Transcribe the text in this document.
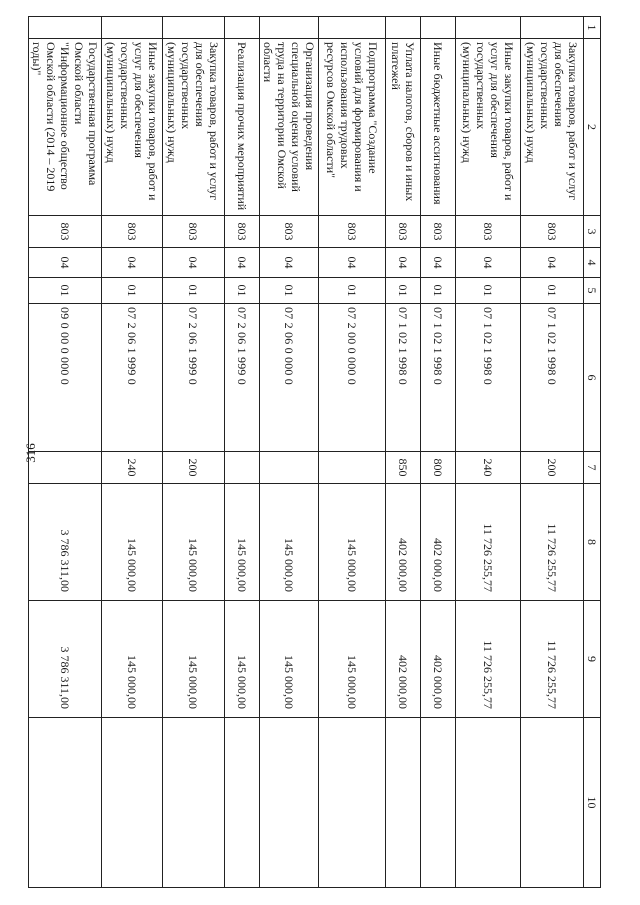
316
1	2	3	4	5	6	7	8	9	10
	Закупка товаров, работ и услуг для обеспечения государственных (муниципальных) нужд	803	04	01	07 1 02 1 998 0	200	11 726 255,77	11 726 255,77	
	Иные закупки товаров, работ и услуг для обеспечения государственных (муниципальных) нужд	803	04	01	07 1 02 1 998 0	240	11 726 255,77	11 726 255,77	
	Иные бюджетные ассигнования	803	04	01	07 1 02 1 998 0	800	402 000,00	402 000,00	
	Уплата налогов, сборов и иных платежей	803	04	01	07 1 02 1 998 0	850	402 000,00	402 000,00	
	Подпрограмма "Создание условий для формирования и использования трудовых ресурсов Омской области"	803	04	01	07 2 00 0 000 0		145 000,00	145 000,00	
	Организация проведения специальной оценки условий труда на территории Омской области	803	04	01	07 2 06 0 000 0		145 000,00	145 000,00	
	Реализация прочих мероприятий	803	04	01	07 2 06 1 999 0		145 000,00	145 000,00	
	Закупка товаров, работ и услуг для обеспечения государственных (муниципальных) нужд	803	04	01	07 2 06 1 999 0	200	145 000,00	145 000,00	
	Иные закупки товаров, работ и услуг для обеспечения государственных (муниципальных) нужд	803	04	01	07 2 06 1 999 0	240	145 000,00	145 000,00	
	Государственная программа Омской области "Информационное общество Омской области (2014 – 2019 годы)"	803	04	01	09 0 00 0 000 0		3 786 311,00	3 786 311,00	
